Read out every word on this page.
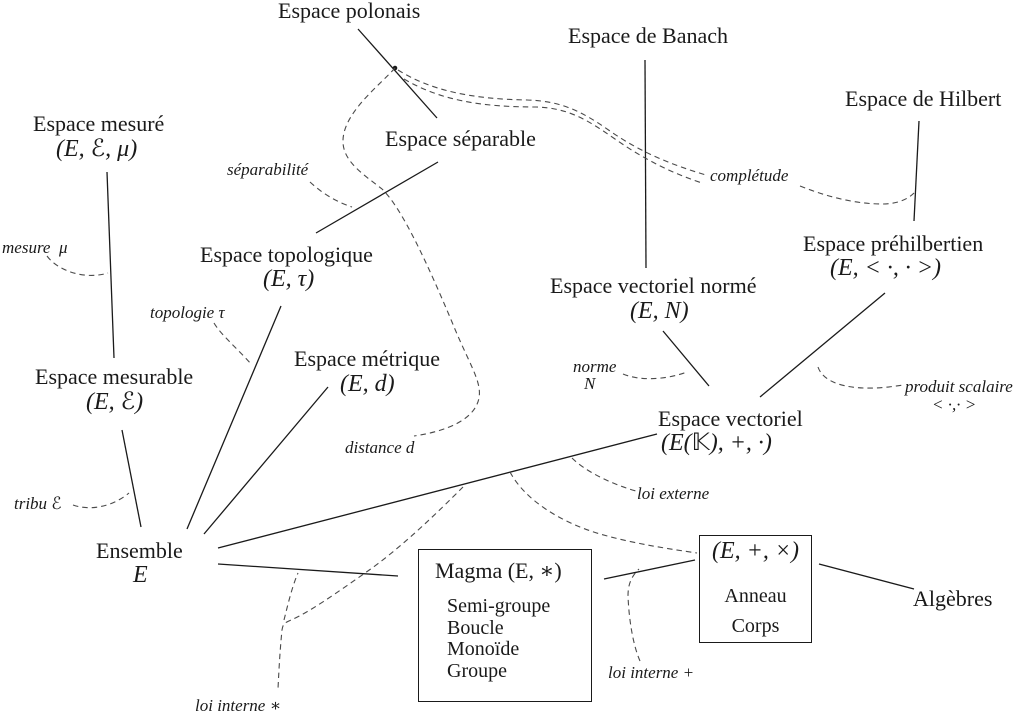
Espace polonais
Espace de Banach
Espace de Hilbert
Espace mesuré
(E, ℰ, μ)	Espace séparable
Espace topologique
(E, τ)
Espace préhilbertien
(E, < ·, · >)
Espace vectoriel normé
(E, N)
Espace mesurable
(E, ℰ)
Espace métrique
(E, d)
Espace vectoriel
(E(𝕂), +, ·)
Ensemble
E
Algèbres
mesure  μ
séparabilité	complétude
topologie τ
norme
N	produit scalaire
< ·,· >
distance d
tribu ℰ
loi externe
loi interne ∗
loi interne +
Magma (E, ∗)
Semi-groupe
Boucle
Monoïde
Groupe
(E, +, ×)
Anneau
Corps
